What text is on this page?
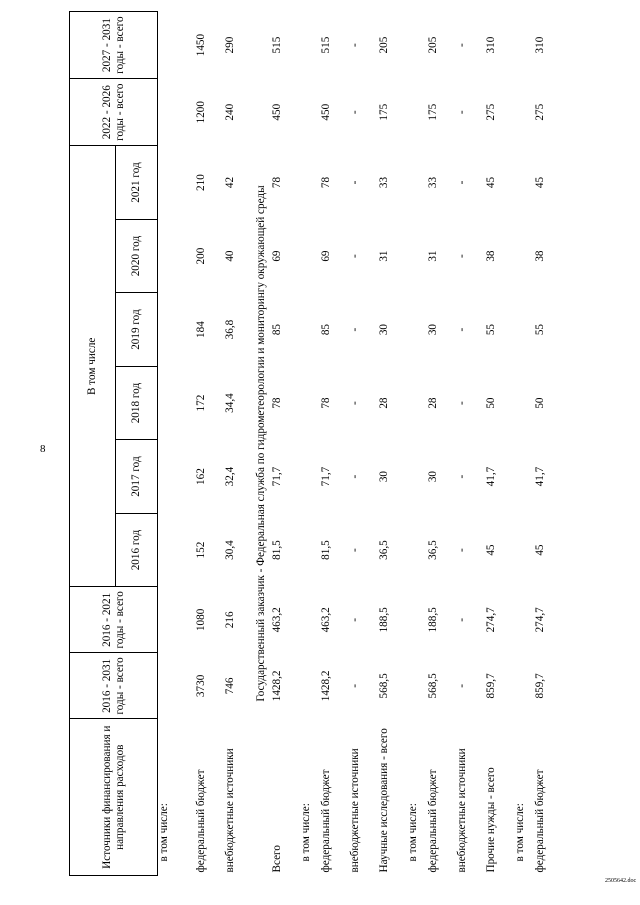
8
2505642.doc
Источники финансирования и направления расходов	2016 - 2031 годы - всего	2016 - 2021 годы - всего	В том числе						2022 - 2026 годы - всего	2027 - 2031 годы - всего
			2016 год	2017 год	2018 год	2019 год	2020 год	2021 год		
в том числе:										
федеральный бюджет	3730	1080	152	162	172	184	200	210	1200	1450
внебюджетные источники	746	216	30,4	32,4	34,4	36,8	40	42	240	290
Государственный заказчик - Федеральная служба по гидрометеорологии и мониторингу окружающей среды										
Всего	1428,2	463,2	81,5	71,7	78	85	69	78	450	515
в том числе:										
федеральный бюджет	1428,2	463,2	81,5	71,7	78	85	69	78	450	515
внебюджетные источники	-	-	-	-	-	-	-	-	-	-
Научные исследования - всего	568,5	188,5	36,5	30	28	30	31	33	175	205
в том числе:										
федеральный бюджет	568,5	188,5	36,5	30	28	30	31	33	175	205
внебюджетные источники	-	-	-	-	-	-	-	-	-	-
Прочие нужды - всего	859,7	274,7	45	41,7	50	55	38	45	275	310
в том числе:										
федеральный бюджет	859,7	274,7	45	41,7	50	55	38	45	275	310
